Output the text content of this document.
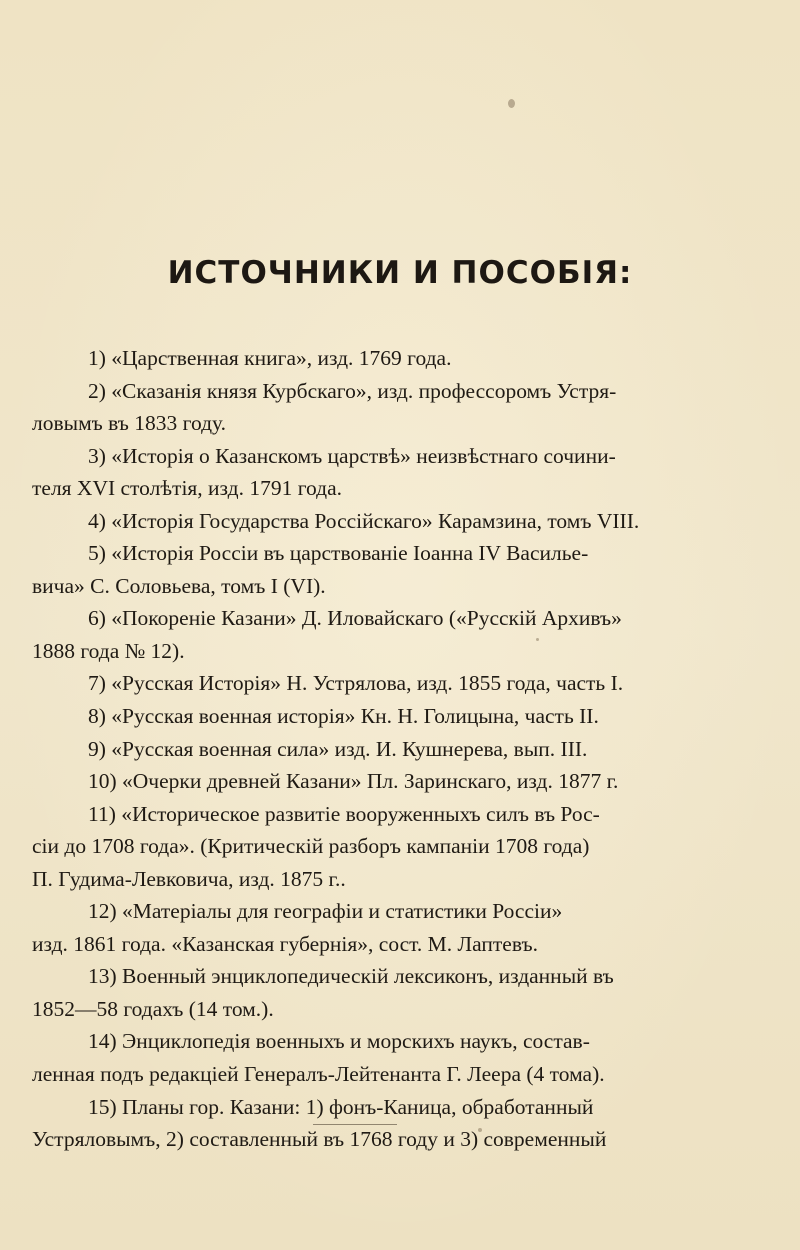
ИСТОЧНИКИ И ПОСОБІЯ:
1) «Царственная книга», изд. 1769 года.
2) «Сказанія князя Курбскаго», изд. профессоромъ Устря-
ловымъ въ 1833 году.
3) «Исторія о Казанскомъ царствѣ» неизвѣстнаго сочини-
теля XVI столѣтія, изд. 1791 года.
4) «Исторія Государства Россійскаго» Карамзина, томъ VIII.
5) «Исторія Россіи въ царствованіе Іоанна IV Василье-
вича» С. Соловьева, томъ I (VI).
6) «Покореніе Казани» Д. Иловайскаго («Русскій Архивъ»
1888 года № 12).
7) «Русская Исторія» Н. Устрялова, изд. 1855 года, часть I.
8) «Русская военная исторія» Кн. Н. Голицына, часть II.
9) «Русская военная сила» изд. И. Кушнерева, вып. III.
10) «Очерки древней Казани» Пл. Заринскаго, изд. 1877 г.
11) «Историческое развитіе вооруженныхъ силъ въ Рос-
сіи до 1708 года». (Критическій разборъ кампаніи 1708 года)
П. Гудима-Левковича, изд. 1875 г..
12) «Матеріалы для географіи и статистики Россіи»
изд. 1861 года. «Казанская губернія», сост. М. Лаптевъ.
13) Военный энциклопедическій лексиконъ, изданный въ
1852—58 годахъ (14 том.).
14) Энциклопедія военныхъ и морскихъ наукъ, состав-
ленная подъ редакціей Генералъ-Лейтенанта Г. Леера (4 тома).
15) Планы гор. Казани: 1) фонъ-Каница, обработанный
Устряловымъ, 2) составленный въ 1768 году и 3) современный
